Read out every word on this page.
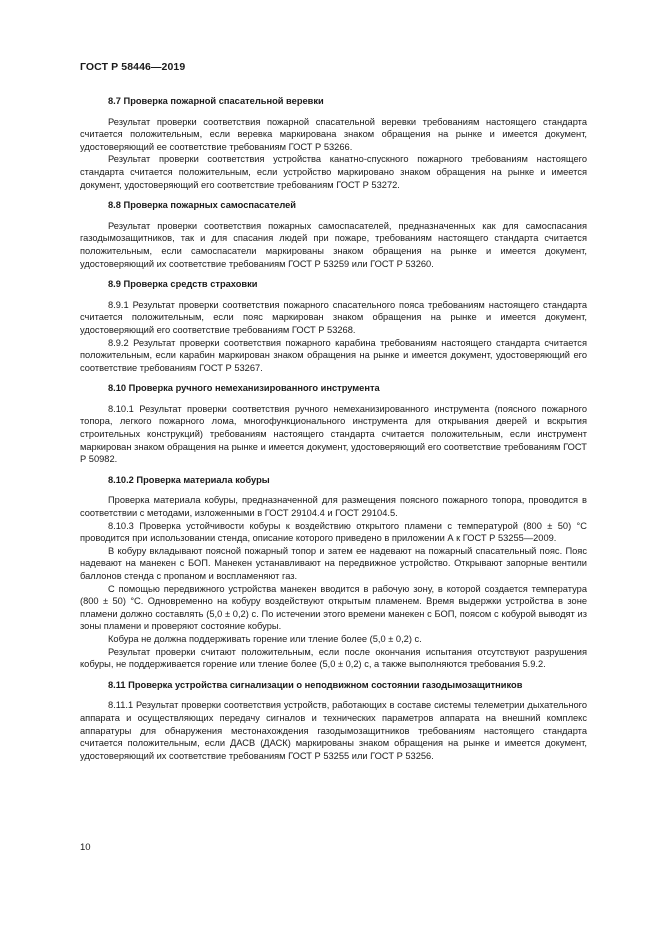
ГОСТ Р 58446—2019
8.7 Проверка пожарной спасательной веревки

Результат проверки соответствия пожарной спасательной веревки требованиям настоящего стандарта считается положительным, если веревка маркирована знаком обращения на рынке и имеется документ, удостоверяющий ее соответствие требованиям ГОСТ Р 53266.

Результат проверки соответствия устройства канатно-спускного пожарного требованиям настоящего стандарта считается положительным, если устройство маркировано знаком обращения на рынке и имеется документ, удостоверяющий его соответствие требованиям ГОСТ Р 53272.

8.8 Проверка пожарных самоспасателей

Результат проверки соответствия пожарных самоспасателей, предназначенных как для самоспасания газодымозащитников, так и для спасания людей при пожаре, требованиям настоящего стандарта считается положительным, если самоспасатели маркированы знаком обращения на рынке и имеется документ, удостоверяющий их соответствие требованиям ГОСТ Р 53259 или ГОСТ Р 53260.

8.9 Проверка средств страховки

8.9.1 Результат проверки соответствия пожарного спасательного пояса требованиям настоящего стандарта считается положительным, если пояс маркирован знаком обращения на рынке и имеется документ, удостоверяющий его соответствие требованиям ГОСТ Р 53268.

8.9.2 Результат проверки соответствия пожарного карабина требованиям настоящего стандарта считается положительным, если карабин маркирован знаком обращения на рынке и имеется документ, удостоверяющий его соответствие требованиям ГОСТ Р 53267.

8.10 Проверка ручного немеханизированного инструмента

8.10.1 Результат проверки соответствия ручного немеханизированного инструмента (поясного пожарного топора, легкого пожарного лома, многофункционального инструмента для открывания дверей и вскрытия строительных конструкций) требованиям настоящего стандарта считается положительным, если инструмент маркирован знаком обращения на рынке и имеется документ, удостоверяющий его соответствие требованиям ГОСТ Р 50982.

8.10.2 Проверка материала кобуры

Проверка материала кобуры, предназначенной для размещения поясного пожарного топора, проводится в соответствии с методами, изложенными в ГОСТ 29104.4 и ГОСТ 29104.5.

8.10.3 Проверка устойчивости кобуры к воздействию открытого пламени с температурой (800 ± 50) °С проводится при использовании стенда, описание которого приведено в приложении А к ГОСТ Р 53255—2009.

В кобуру вкладывают поясной пожарный топор и затем ее надевают на пожарный спасательный пояс. Пояс надевают на манекен с БОП. Манекен устанавливают на передвижное устройство. Открывают запорные вентили баллонов стенда с пропаном и воспламеняют газ.

С помощью передвижного устройства манекен вводится в рабочую зону, в которой создается температура (800 ± 50) °С. Одновременно на кобуру воздействуют открытым пламенем. Время выдержки устройства в зоне пламени должно составлять (5,0 ± 0,2) с. По истечении этого времени манекен с БОП, поясом с кобурой выводят из зоны пламени и проверяют состояние кобуры.

Кобура не должна поддерживать горение или тление более (5,0 ± 0,2) с.

Результат проверки считают положительным, если после окончания испытания отсутствуют разрушения кобуры, не поддерживается горение или тление более (5,0 ± 0,2) с, а также выполняются требования 5.9.2.

8.11 Проверка устройства сигнализации о неподвижном состоянии газодымозащитников

8.11.1 Результат проверки соответствия устройств, работающих в составе системы телеметрии дыхательного аппарата и осуществляющих передачу сигналов и технических параметров аппарата на внешний комплекс аппаратуры для обнаружения местонахождения газодымозащитников требованиям настоящего стандарта считается положительным, если ДАСВ (ДАСК) маркированы знаком обращения на рынке и имеется документ, удостоверяющий их соответствие требованиям ГОСТ Р 53255 или ГОСТ Р 53256.

10
